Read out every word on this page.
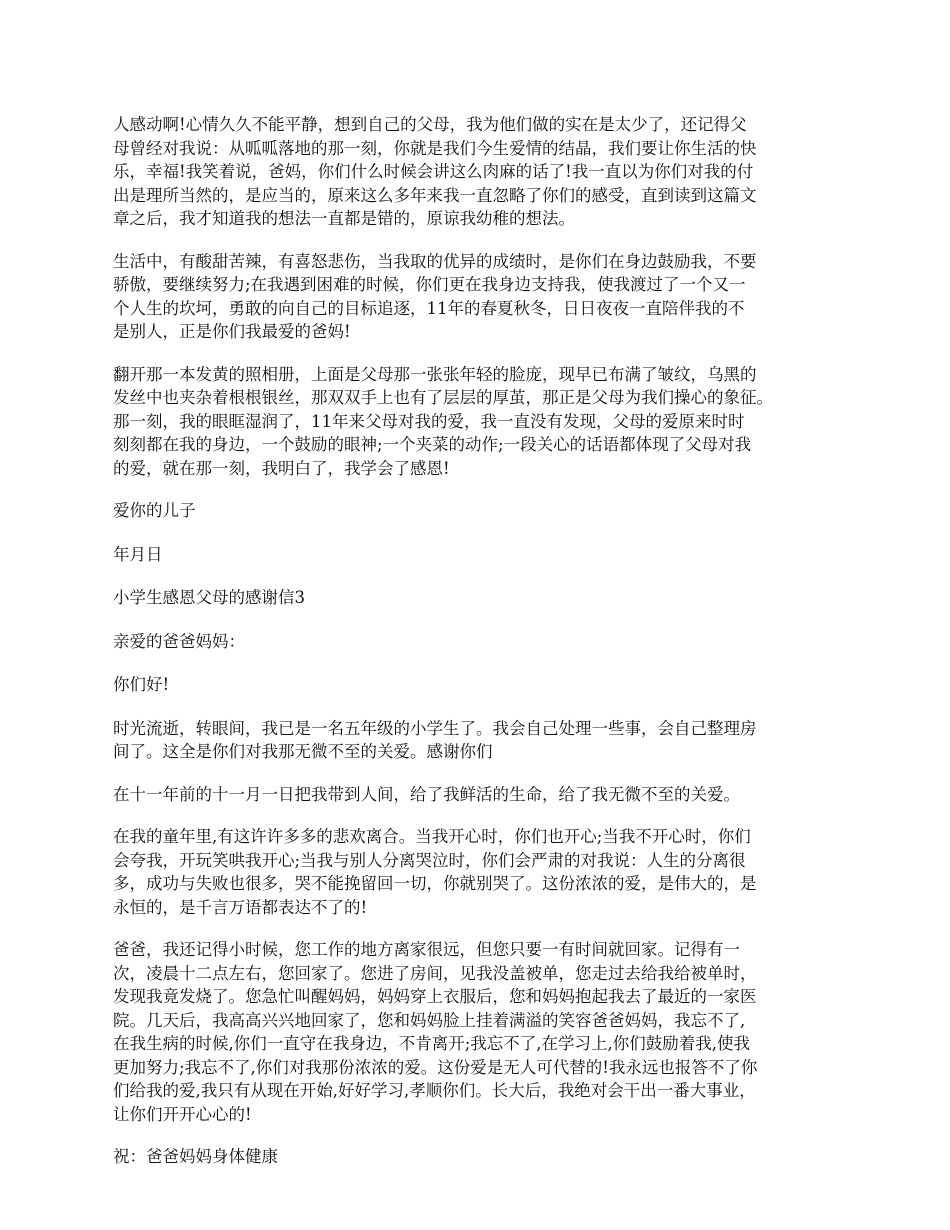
人感动啊!心情久久不能平静，想到自己的父母，我为他们做的实在是太少了，还记得父
母曾经对我说：从呱呱落地的那一刻，你就是我们今生爱情的结晶，我们要让你生活的快
乐，幸福!我笑着说，爸妈，你们什么时候会讲这么肉麻的话了!我一直以为你们对我的付
出是理所当然的，是应当的，原来这么多年来我一直忽略了你们的感受，直到读到这篇文
章之后，我才知道我的想法一直都是错的，原谅我幼稚的想法。

生活中，有酸甜苦辣，有喜怒悲伤，当我取的优异的成绩时，是你们在身边鼓励我，不要
骄傲，要继续努力;在我遇到困难的时候，你们更在我身边支持我，使我渡过了一个又一
个人生的坎坷，勇敢的向自己的目标追逐，11年的春夏秋冬，日日夜夜一直陪伴我的不
是别人，正是你们我最爱的爸妈!

翻开那一本发黄的照相册，上面是父母那一张张年轻的脸庞，现早已布满了皱纹，乌黑的
发丝中也夹杂着根根银丝，那双双手上也有了层层的厚茧，那正是父母为我们操心的象征。
那一刻，我的眼眶湿润了，11年来父母对我的爱，我一直没有发现，父母的爱原来时时
刻刻都在我的身边，一个鼓励的眼神;一个夹菜的动作;一段关心的话语都体现了父母对我
的爱，就在那一刻，我明白了，我学会了感恩!

爱你的儿子

年月日

小学生感恩父母的感谢信3

亲爱的爸爸妈妈：

你们好!

时光流逝，转眼间，我已是一名五年级的小学生了。我会自己处理一些事，会自己整理房
间了。这全是你们对我那无微不至的关爱。感谢你们

在十一年前的十一月一日把我带到人间，给了我鲜活的生命，给了我无微不至的关爱。

在我的童年里,有这许许多多的悲欢离合。当我开心时，你们也开心;当我不开心时，你们
会夸我，开玩笑哄我开心;当我与别人分离哭泣时，你们会严肃的对我说：人生的分离很
多，成功与失败也很多，哭不能挽留回一切，你就别哭了。这份浓浓的爱，是伟大的，是
永恒的，是千言万语都表达不了的!

爸爸，我还记得小时候，您工作的地方离家很远，但您只要一有时间就回家。记得有一
次，凌晨十二点左右，您回家了。您进了房间，见我没盖被单，您走过去给我给被单时，
发现我竟发烧了。您急忙叫醒妈妈，妈妈穿上衣服后，您和妈妈抱起我去了最近的一家医
院。几天后，我高高兴兴地回家了，您和妈妈脸上挂着满溢的笑容爸爸妈妈，我忘不了,
在我生病的时候,你们一直守在我身边，不肯离开;我忘不了,在学习上,你们鼓励着我,使我
更加努力;我忘不了,你们对我那份浓浓的爱。这份爱是无人可代替的!我永远也报答不了你
们给我的爱,我只有从现在开始,好好学习,孝顺你们。长大后，我绝对会干出一番大事业，
让你们开开心心的!

祝：爸爸妈妈身体健康
